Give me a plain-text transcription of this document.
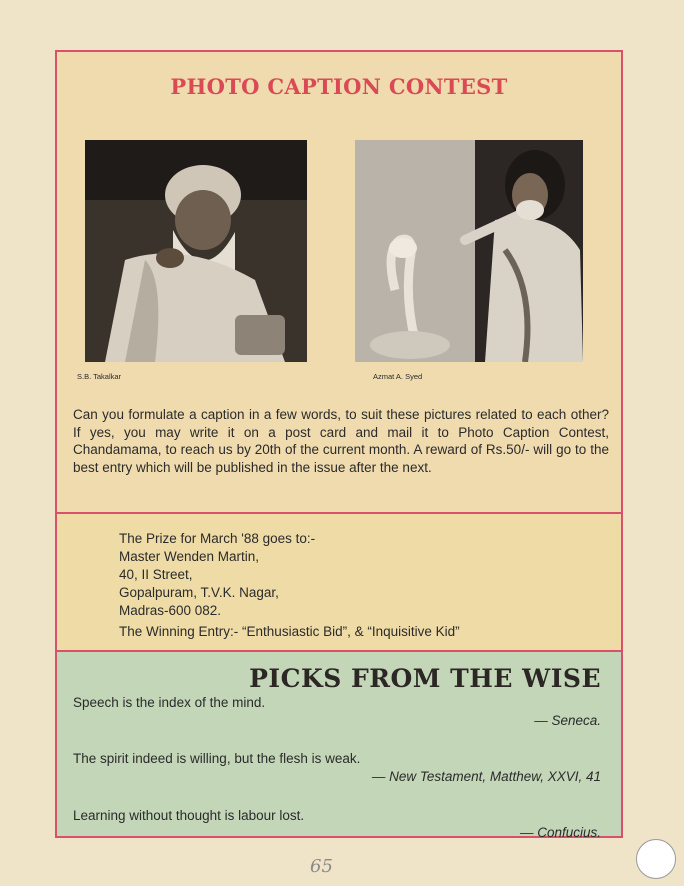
PHOTO CAPTION CONTEST
S.B. Takalkar	Azmat A. Syed
Can you formulate a caption in a few words, to suit these pictures related to each other? If yes, you may write it on a post card and mail it to Photo Caption Contest, Chandamama, to reach us by 20th of the current month. A reward of Rs.50/- will go to the best entry which will be published in the issue after the next.
The Prize for March '88 goes to:-
Master Wenden Martin,
40, II Street,
Gopalpuram, T.V.K. Nagar,
Madras-600 082.
The Winning Entry:- “Enthusiastic Bid”, & “Inquisitive Kid”
PICKS FROM THE WISE
Speech is the index of the mind.
— Seneca.
The spirit indeed is willing, but the flesh is weak.
— New Testament, Matthew, XXVI, 41
Learning without thought is labour lost.
— Confucius.
65
